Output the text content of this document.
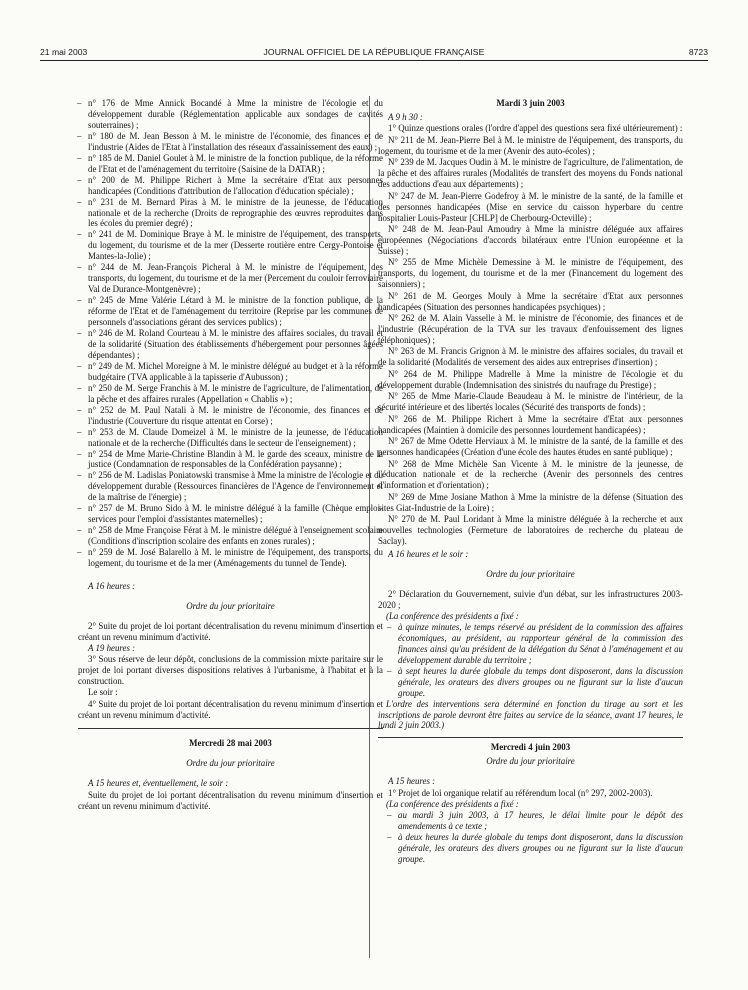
21 mai 2003	JOURNAL OFFICIEL DE LA RÉPUBLIQUE FRANÇAISE	8723
– n° 176 de Mme Annick Bocandé à Mme la ministre de l'écologie et du développement durable (Réglementation applicable aux sondages de cavités souterraines) ;
– n° 180 de M. Jean Besson à M. le ministre de l'économie, des finances et de l'industrie (Aides de l'Etat à l'installation des réseaux d'assainissement des eaux) ;
– n° 185 de M. Daniel Goulet à M. le ministre de la fonction publique, de la réforme de l'Etat et de l'aménagement du territoire (Saisine de la DATAR) ;
– n° 200 de M. Philippe Richert à Mme la secrétaire d'Etat aux personnes handicapées (Conditions d'attribution de l'allocation d'éducation spéciale) ;
– n° 231 de M. Bernard Piras à M. le ministre de la jeunesse, de l'éducation nationale et de la recherche (Droits de reprographie des œuvres reproduites dans les écoles du premier degré) ;
– n° 241 de M. Dominique Braye à M. le ministre de l'équipement, des transports, du logement, du tourisme et de la mer (Desserte routière entre Cergy-Pontoise et Mantes-la-Jolie) ;
– n° 244 de M. Jean-François Picheral à M. le ministre de l'équipement, des transports, du logement, du tourisme et de la mer (Percement du couloir ferroviaire Val de Durance-Montgenèvre) ;
– n° 245 de Mme Valérie Létard à M. le ministre de la fonction publique, de la réforme de l'Etat et de l'aménagement du territoire (Reprise par les communes de personnels d'associations gérant des services publics) ;
– n° 246 de M. Roland Courteau à M. le ministre des affaires sociales, du travail et de la solidarité (Situation des établissements d'hébergement pour personnes âgées dépendantes) ;
– n° 249 de M. Michel Moreigne à M. le ministre délégué au budget et à la réforme budgétaire (TVA applicable à la tapisserie d'Aubusson) ;
– n° 250 de M. Serge Franchis à M. le ministre de l'agriculture, de l'alimentation, de la pêche et des affaires rurales (Appellation « Chablis ») ;
– n° 252 de M. Paul Natali à M. le ministre de l'économie, des finances et de l'industrie (Couverture du risque attentat en Corse) ;
– n° 253 de M. Claude Domeizel à M. le ministre de la jeunesse, de l'éducation nationale et de la recherche (Difficultés dans le secteur de l'enseignement) ;
– n° 254 de Mme Marie-Christine Blandin à M. le garde des sceaux, ministre de la justice (Condamnation de responsables de la Confédération paysanne) ;
– n° 256 de M. Ladislas Poniatowski transmise à Mme la ministre de l'écologie et du développement durable (Ressources financières de l'Agence de l'environnement et de la maîtrise de l'énergie) ;
– n° 257 de M. Bruno Sido à M. le ministre délégué à la famille (Chèque emploi-services pour l'emploi d'assistantes maternelles) ;
– n° 258 de Mme Françoise Férat à M. le ministre délégué à l'enseignement scolaire (Conditions d'inscription scolaire des enfants en zones rurales) ;
– n° 259 de M. José Balarello à M. le ministre de l'équipement, des transports, du logement, du tourisme et de la mer (Aménagements du tunnel de Tende).

A 16 heures :

Ordre du jour prioritaire

2° Suite du projet de loi portant décentralisation du revenu minimum d'insertion et créant un revenu minimum d'activité.

A 19 heures :

3° Sous réserve de leur dépôt, conclusions de la commission mixte paritaire sur le projet de loi portant diverses dispositions relatives à l'urbanisme, à l'habitat et à la construction.

Le soir :

4° Suite du projet de loi portant décentralisation du revenu minimum d'insertion et créant un revenu minimum d'activité.

Mercredi 28 mai 2003

Ordre du jour prioritaire

A 15 heures et, éventuellement, le soir :

Suite du projet de loi portant décentralisation du revenu minimum d'insertion et créant un revenu minimum d'activité.

Mardi 3 juin 2003

A 9 h 30 :

1° Quinze questions orales (l'ordre d'appel des questions sera fixé ultérieurement) :

N° 211 de M. Jean-Pierre Bel à M. le ministre de l'équipement, des transports, du logement, du tourisme et de la mer (Avenir des auto-écoles) ;

N° 239 de M. Jacques Oudin à M. le ministre de l'agriculture, de l'alimentation, de la pêche et des affaires rurales (Modalités de transfert des moyens du Fonds national des adductions d'eau aux départements) ;

N° 247 de M. Jean-Pierre Godefroy à M. le ministre de la santé, de la famille et des personnes handicapées (Mise en service du caisson hyperbare du centre hospitalier Louis-Pasteur [CHLP] de Cherbourg-Octeville) ;

N° 248 de M. Jean-Paul Amoudry à Mme la ministre déléguée aux affaires européennes (Négociations d'accords bilatéraux entre l'Union européenne et la Suisse) ;

N° 255 de Mme Michèle Demessine à M. le ministre de l'équipement, des transports, du logement, du tourisme et de la mer (Financement du logement des saisonniers) ;

N° 261 de M. Georges Mouly à Mme la secrétaire d'Etat aux personnes handicapées (Situation des personnes handicapées psychiques) ;

N° 262 de M. Alain Vasselle à M. le ministre de l'économie, des finances et de l'industrie (Récupération de la TVA sur les travaux d'enfouissement des lignes téléphoniques) ;

N° 263 de M. Francis Grignon à M. le ministre des affaires sociales, du travail et de la solidarité (Modalités de versement des aides aux entreprises d'insertion) ;

N° 264 de M. Philippe Madrelle à Mme la ministre de l'écologie et du développement durable (Indemnisation des sinistrés du naufrage du Prestige) ;

N° 265 de Mme Marie-Claude Beaudeau à M. le ministre de l'intérieur, de la sécurité intérieure et des libertés locales (Sécurité des transports de fonds) ;

N° 266 de M. Philippe Richert à Mme la secrétaire d'Etat aux personnes handicapées (Maintien à domicile des personnes lourdement handicapées) ;

N° 267 de Mme Odette Herviaux à M. le ministre de la santé, de la famille et des personnes handicapées (Création d'une école des hautes études en santé publique) ;

N° 268 de Mme Michèle San Vicente à M. le ministre de la jeunesse, de l'éducation nationale et de la recherche (Avenir des personnels des centres d'information et d'orientation) ;

N° 269 de Mme Josiane Mathon à Mme la ministre de la défense (Situation des sites Giat-Industrie de la Loire) ;

N° 270 de M. Paul Loridant à Mme la ministre déléguée à la recherche et aux nouvelles technologies (Fermeture de laboratoires de recherche du plateau de Saclay).

A 16 heures et le soir :

Ordre du jour prioritaire

2° Déclaration du Gouvernement, suivie d'un débat, sur les infrastructures 2003-2020 ;

(La conférence des présidents a fixé :

– à quinze minutes, le temps réservé au président de la commission des affaires économiques, au président, au rapporteur général de la commission des finances ainsi qu'au président de la délégation du Sénat à l'aménagement et au développement durable du territoire ;
– à sept heures la durée globale du temps dont disposeront, dans la discussion générale, les orateurs des divers groupes ou ne figurant sur la liste d'aucun groupe.

L'ordre des interventions sera déterminé en fonction du tirage au sort et les inscriptions de parole devront être faites au service de la séance, avant 17 heures, le lundi 2 juin 2003.)

Mercredi 4 juin 2003

Ordre du jour prioritaire

A 15 heures :

1° Projet de loi organique relatif au référendum local (n° 297, 2002-2003).

(La conférence des présidents a fixé :

– au mardi 3 juin 2003, à 17 heures, le délai limite pour le dépôt des amendements à ce texte ;
– à deux heures la durée globale du temps dont disposeront, dans la discussion générale, les orateurs des divers groupes ou ne figurant sur la liste d'aucun groupe.
